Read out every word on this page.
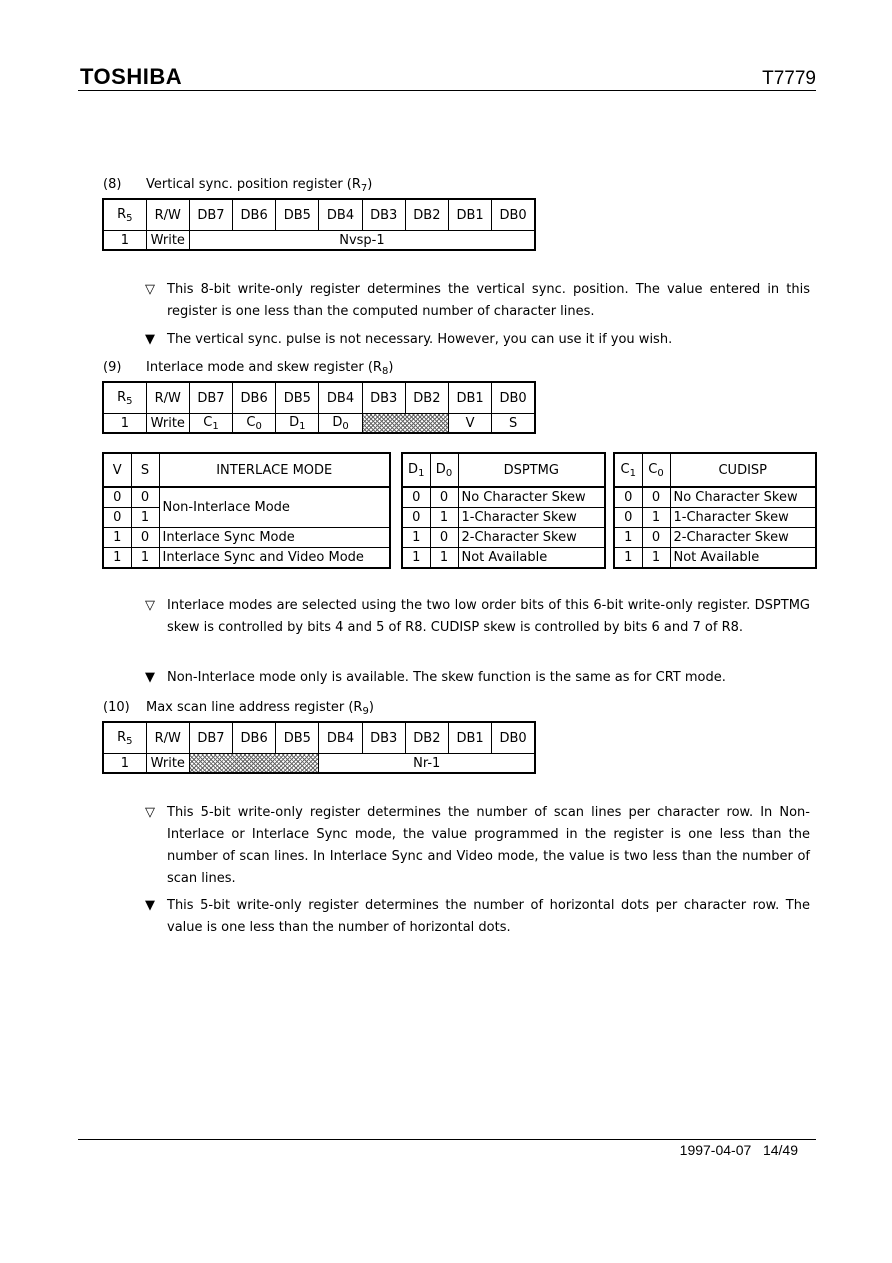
TOSHIBA	T7779
(8) Vertical sync. position register $(R_7)$
$R_5$	R/W	DB7	DB6	DB5	DB4	DB3	DB2	DB1	DB0
1	Write	Nvsp-1							
▽ This 8-bit write-only register determines the vertical sync. position. The value entered in this register is one less than the computed number of character lines.
▼ The vertical sync. pulse is not necessary. However, you can use it if you wish.
(9) Interlace mode and skew register $(R_8)$
$R_5$	R/W	DB7	DB6	DB5	DB4	DB3	DB2	DB1	DB0
1	Write	$C_1$	$C_0$	$D_1$	$D_0$			V	S
V	S	INTERLACE MODE
0	0	Non-Interlace Mode
0	1	
1	0	Interlace Sync Mode
1	1	Interlace Sync and Video Mode
$D_1$	$D_0$	DSPTMG
0	0	No Character Skew
0	1	1-Character Skew
1	0	2-Character Skew
1	1	Not Available
$C_1$	$C_0$	CUDISP
0	0	No Character Skew
0	1	1-Character Skew
1	0	2-Character Skew
1	1	Not Available
▽ Interlace modes are selected using the two low order bits of this 6-bit write-only register. DSPTMG skew is controlled by bits 4 and 5 of R8. CUDISP skew is controlled by bits 6 and 7 of R8.
▼ Non-Interlace mode only is available. The skew function is the same as for CRT mode.
(10) Max scan line address register $(R_9)$
$R_5$	R/W	DB7	DB6	DB5	DB4	DB3	DB2	DB1	DB0
1	Write				Nr-1				
▽ This 5-bit write-only register determines the number of scan lines per character row. In Non-Interlace or Interlace Sync mode, the value programmed in the register is one less than the number of scan lines. In Interlace Sync and Video mode, the value is two less than the number of scan lines.
▼ This 5-bit write-only register determines the number of horizontal dots per character row. The value is one less than the number of horizontal dots.
1997-04-07 14/49
